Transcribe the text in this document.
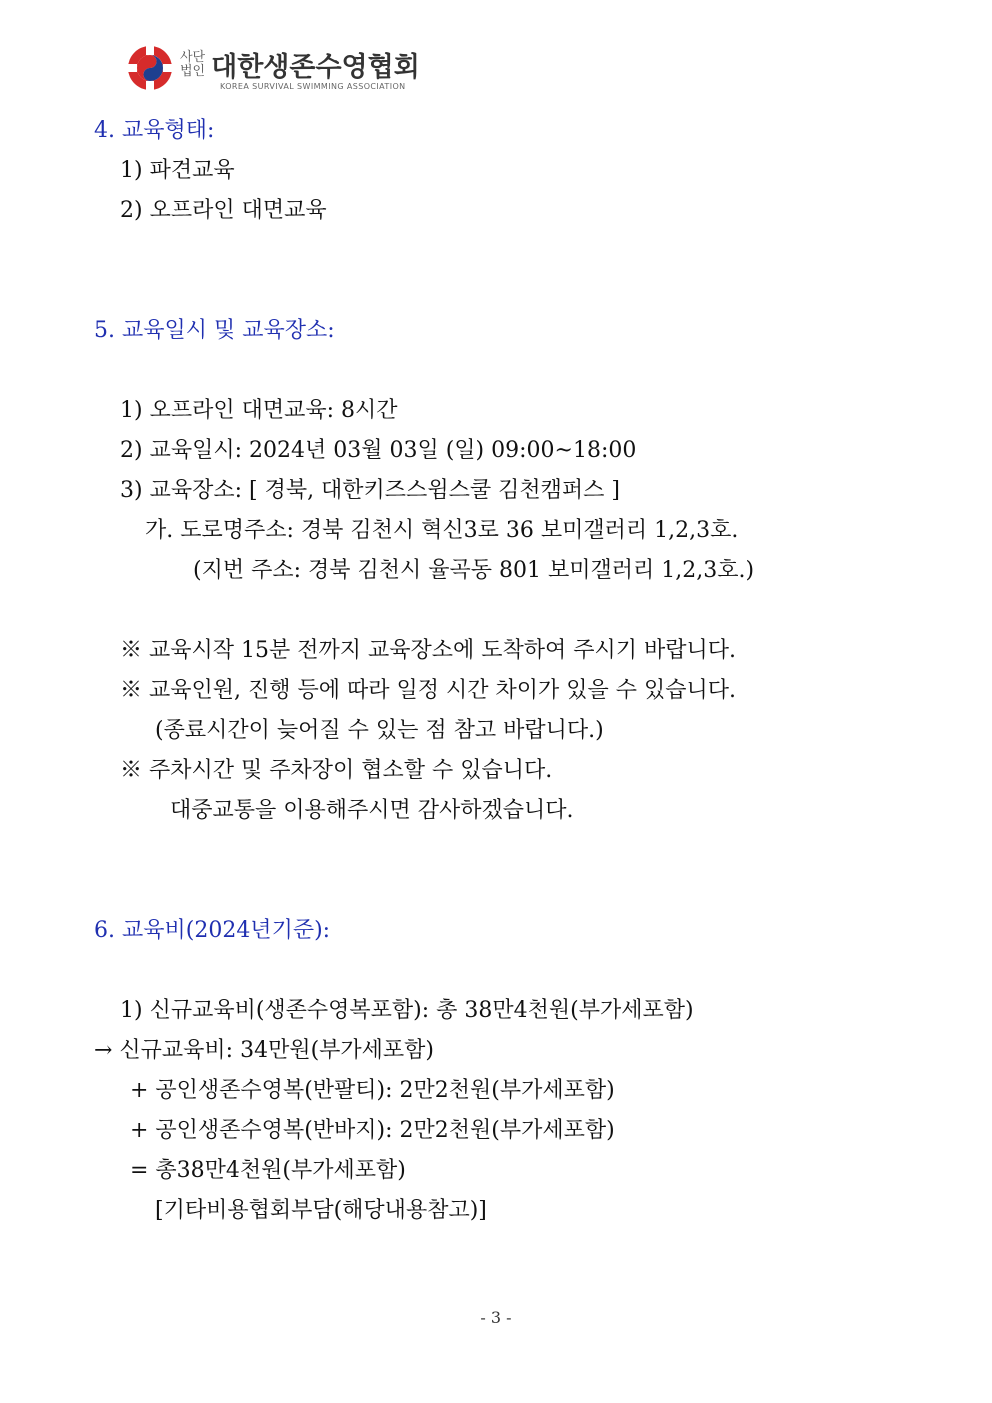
사단
법인 대한생존수영협회
KOREA SURVIVAL SWIMMING ASSOCIATION
4. 교육형태:
1) 파견교육
2) 오프라인 대면교육
5. 교육일시 및 교육장소:
1) 오프라인 대면교육: 8시간
2) 교육일시: 2024년 03월 03일 (일) 09:00~18:00
3) 교육장소: [ 경북, 대한키즈스윔스쿨 김천캠퍼스 ]
가. 도로명주소: 경북 김천시 혁신3로 36 보미갤러리 1,2,3호.
(지번 주소: 경북 김천시 율곡동 801 보미갤러리 1,2,3호.)
※ 교육시작 15분 전까지 교육장소에 도착하여 주시기 바랍니다.
※ 교육인원, 진행 등에 따라 일정 시간 차이가 있을 수 있습니다.
(종료시간이 늦어질 수 있는 점 참고 바랍니다.)
※ 주차시간 및 주차장이 협소할 수 있습니다.
대중교통을 이용해주시면 감사하겠습니다.
6. 교육비(2024년기준):
1) 신규교육비(생존수영복포함): 총 38만4천원(부가세포함)
→ 신규교육비: 34만원(부가세포함)
+ 공인생존수영복(반팔티): 2만2천원(부가세포함)
+ 공인생존수영복(반바지): 2만2천원(부가세포함)
= 총38만4천원(부가세포함)
[기타비용협회부담(해당내용참고)]
- 3 -
